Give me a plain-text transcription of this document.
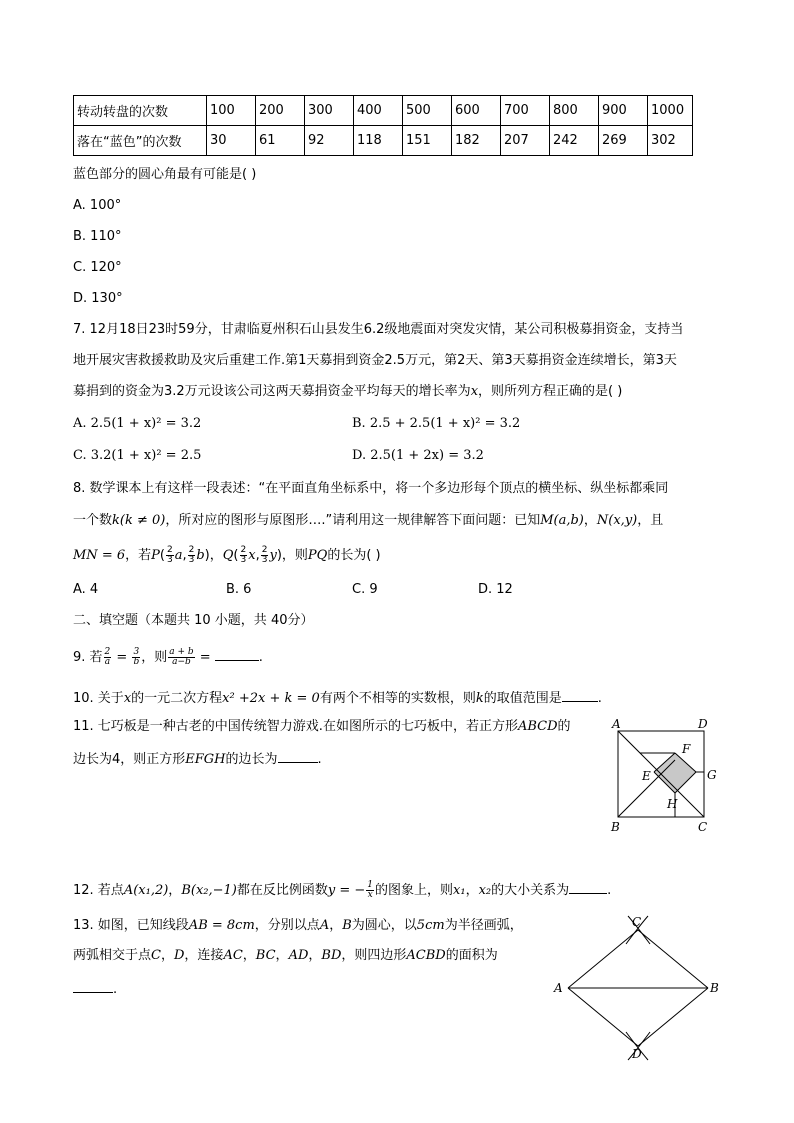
转动转盘的次数	100	200	300	400	500	600	700	800	900	1000
落在“蓝色”的次数	30	61	92	118	151	182	207	242	269	302
蓝色部分的圆心角最有可能是( )
A. 100°
B. 110°
C. 120°
D. 130°
7. 12月18日23时59分，甘肃临夏州积石山县发生6.2级地震面对突发灾情，某公司积极募捐资金，支持当
地开展灾害救援救助及灾后重建工作.第1天募捐到资金2.5万元，第2天、第3天募捐资金连续增长，第3天
募捐到的资金为3.2万元设该公司这两天募捐资金平均每天的增长率为x，则所列方程正确的是( )
A. 2.5(1 + x)² = 3.2	B. 2.5 + 2.5(1 + x)² = 3.2
C. 3.2(1 + x)² = 2.5	D. 2.5(1 + 2x) = 3.2
8. 数学课本上有这样一段表述：“在平面直角坐标系中，将一个多边形每个顶点的横坐标、纵坐标都乘同
一个数k(k ≠ 0)，所对应的图形与原图形….”请利用这一规律解答下面问题：已知M(a,b)，N(x,y)，且
MN = 6，若$P( \frac{2}{3} a$, $\frac{2}{3} b$)，$Q( \frac{2}{3} x$, $\frac{2}{3} y$)，则PQ的长为( )
A. 4	B. 6	C. 9	D. 12
二、填空题（本题共 10 小题，共 40分）
9. 若 $\frac{2}{a} = \frac{3}{b}$ ，则 $\frac{a + b}{a-b}$ =	.
10. 关于x的一元二次方程x² +2x + k = 0有两个不相等的实数根，则k的取值范围是	.
11. 七巧板是一种古老的中国传统智力游戏.在如图所示的七巧板中，若正方形ABCD的
边长为4，则正方形EFGH的边长为	.
A	D
B	C
E
F
G
H
12. 若点A(x₁,2)，B(x₂,−1)都在反比例函数y = − $\frac{1}{x}$ 的图象上，则x₁，x₂的大小关系为	.
13. 如图，已知线段AB = 8cm，分别以点A，B为圆心，以5cm为半径画弧，
两弧相交于点C，D，连接AC，BC，AD，BD，则四边形ACBD的面积为
.
C
A	B
D
